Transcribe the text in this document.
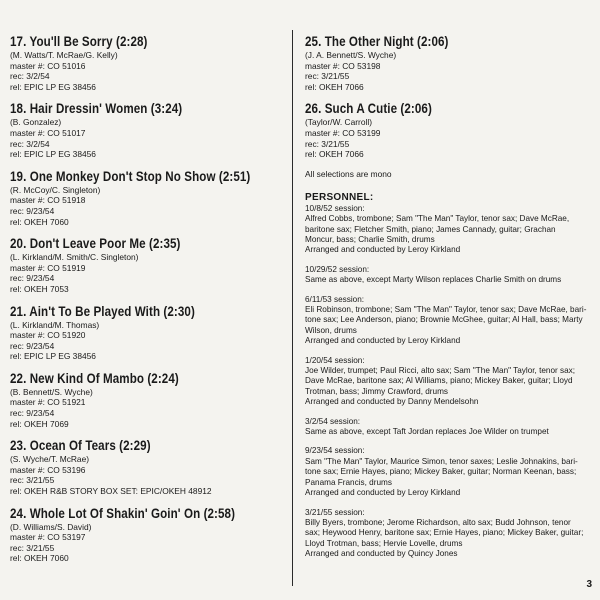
17. You'll Be Sorry (2:28)
(M. Watts/T. McRae/G. Kelly)
master #: CO 51016
rec: 3/2/54
rel: EPIC LP EG 38456
18. Hair Dressin' Women (3:24)
(B. Gonzalez)
master #: CO 51017
rec: 3/2/54
rel: EPIC LP EG 38456
19. One Monkey Don't Stop No Show (2:51)
(R. McCoy/C. Singleton)
master #: CO 51918
rec: 9/23/54
rel: OKEH 7060
20. Don't Leave Poor Me (2:35)
(L. Kirkland/M. Smith/C. Singleton)
master #: CO 51919
rec: 9/23/54
rel: OKEH 7053
21. Ain't To Be Played With (2:30)
(L. Kirkland/M. Thomas)
master #: CO 51920
rec: 9/23/54
rel: EPIC LP EG 38456
22. New Kind Of Mambo (2:24)
(B. Bennett/S. Wyche)
master #: CO 51921
rec: 9/23/54
rel: OKEH 7069
23. Ocean Of Tears (2:29)
(S. Wyche/T. McRae)
master #: CO 53196
rec: 3/21/55
rel: OKEH R&B STORY BOX SET: EPIC/OKEH 48912
24. Whole Lot Of Shakin' Goin' On (2:58)
(D. Williams/S. David)
master #: CO 53197
rec: 3/21/55
rel: OKEH 7060
25. The Other Night (2:06)
(J. A. Bennett/S. Wyche)
master #: CO 53198
rec: 3/21/55
rel: OKEH 7066
26. Such A Cutie (2:06)
(Taylor/W. Carroll)
master #: CO 53199
rec: 3/21/55
rel: OKEH 7066
All selections are mono
PERSONNEL:
10/8/52 session:
Alfred Cobbs, trombone; Sam "The Man" Taylor, tenor sax; Dave McRae,
baritone sax; Fletcher Smith, piano; James Cannady, guitar; Grachan
Moncur, bass; Charlie Smith, drums
Arranged and conducted by Leroy Kirkland
10/29/52 session:
Same as above, except Marty Wilson replaces Charlie Smith on drums
6/11/53 session:
Eli Robinson, trombone; Sam "The Man" Taylor, tenor sax; Dave McRae, bari-
tone sax; Lee Anderson, piano; Brownie McGhee, guitar; Al Hall, bass; Marty
Wilson, drums
Arranged and conducted by Leroy Kirkland
1/20/54 session:
Joe Wilder, trumpet; Paul Ricci, alto sax; Sam "The Man" Taylor, tenor sax;
Dave McRae, baritone sax; Al Williams, piano; Mickey Baker, guitar; Lloyd
Trotman, bass; Jimmy Crawford, drums
Arranged and conducted by Danny Mendelsohn
3/2/54 session:
Same as above, except Taft Jordan replaces Joe Wilder on trumpet
9/23/54 session:
Sam "The Man" Taylor, Maurice Simon, tenor saxes; Leslie Johnakins, bari-
tone sax; Ernie Hayes, piano; Mickey Baker, guitar; Norman Keenan, bass;
Panama Francis, drums
Arranged and conducted by Leroy Kirkland
3/21/55 session:
Billy Byers, trombone; Jerome Richardson, alto sax; Budd Johnson, tenor
sax; Heywood Henry, baritone sax; Ernie Hayes, piano; Mickey Baker, guitar;
Lloyd Trotman, bass; Hervie Lovelle, drums
Arranged and conducted by Quincy Jones
3
